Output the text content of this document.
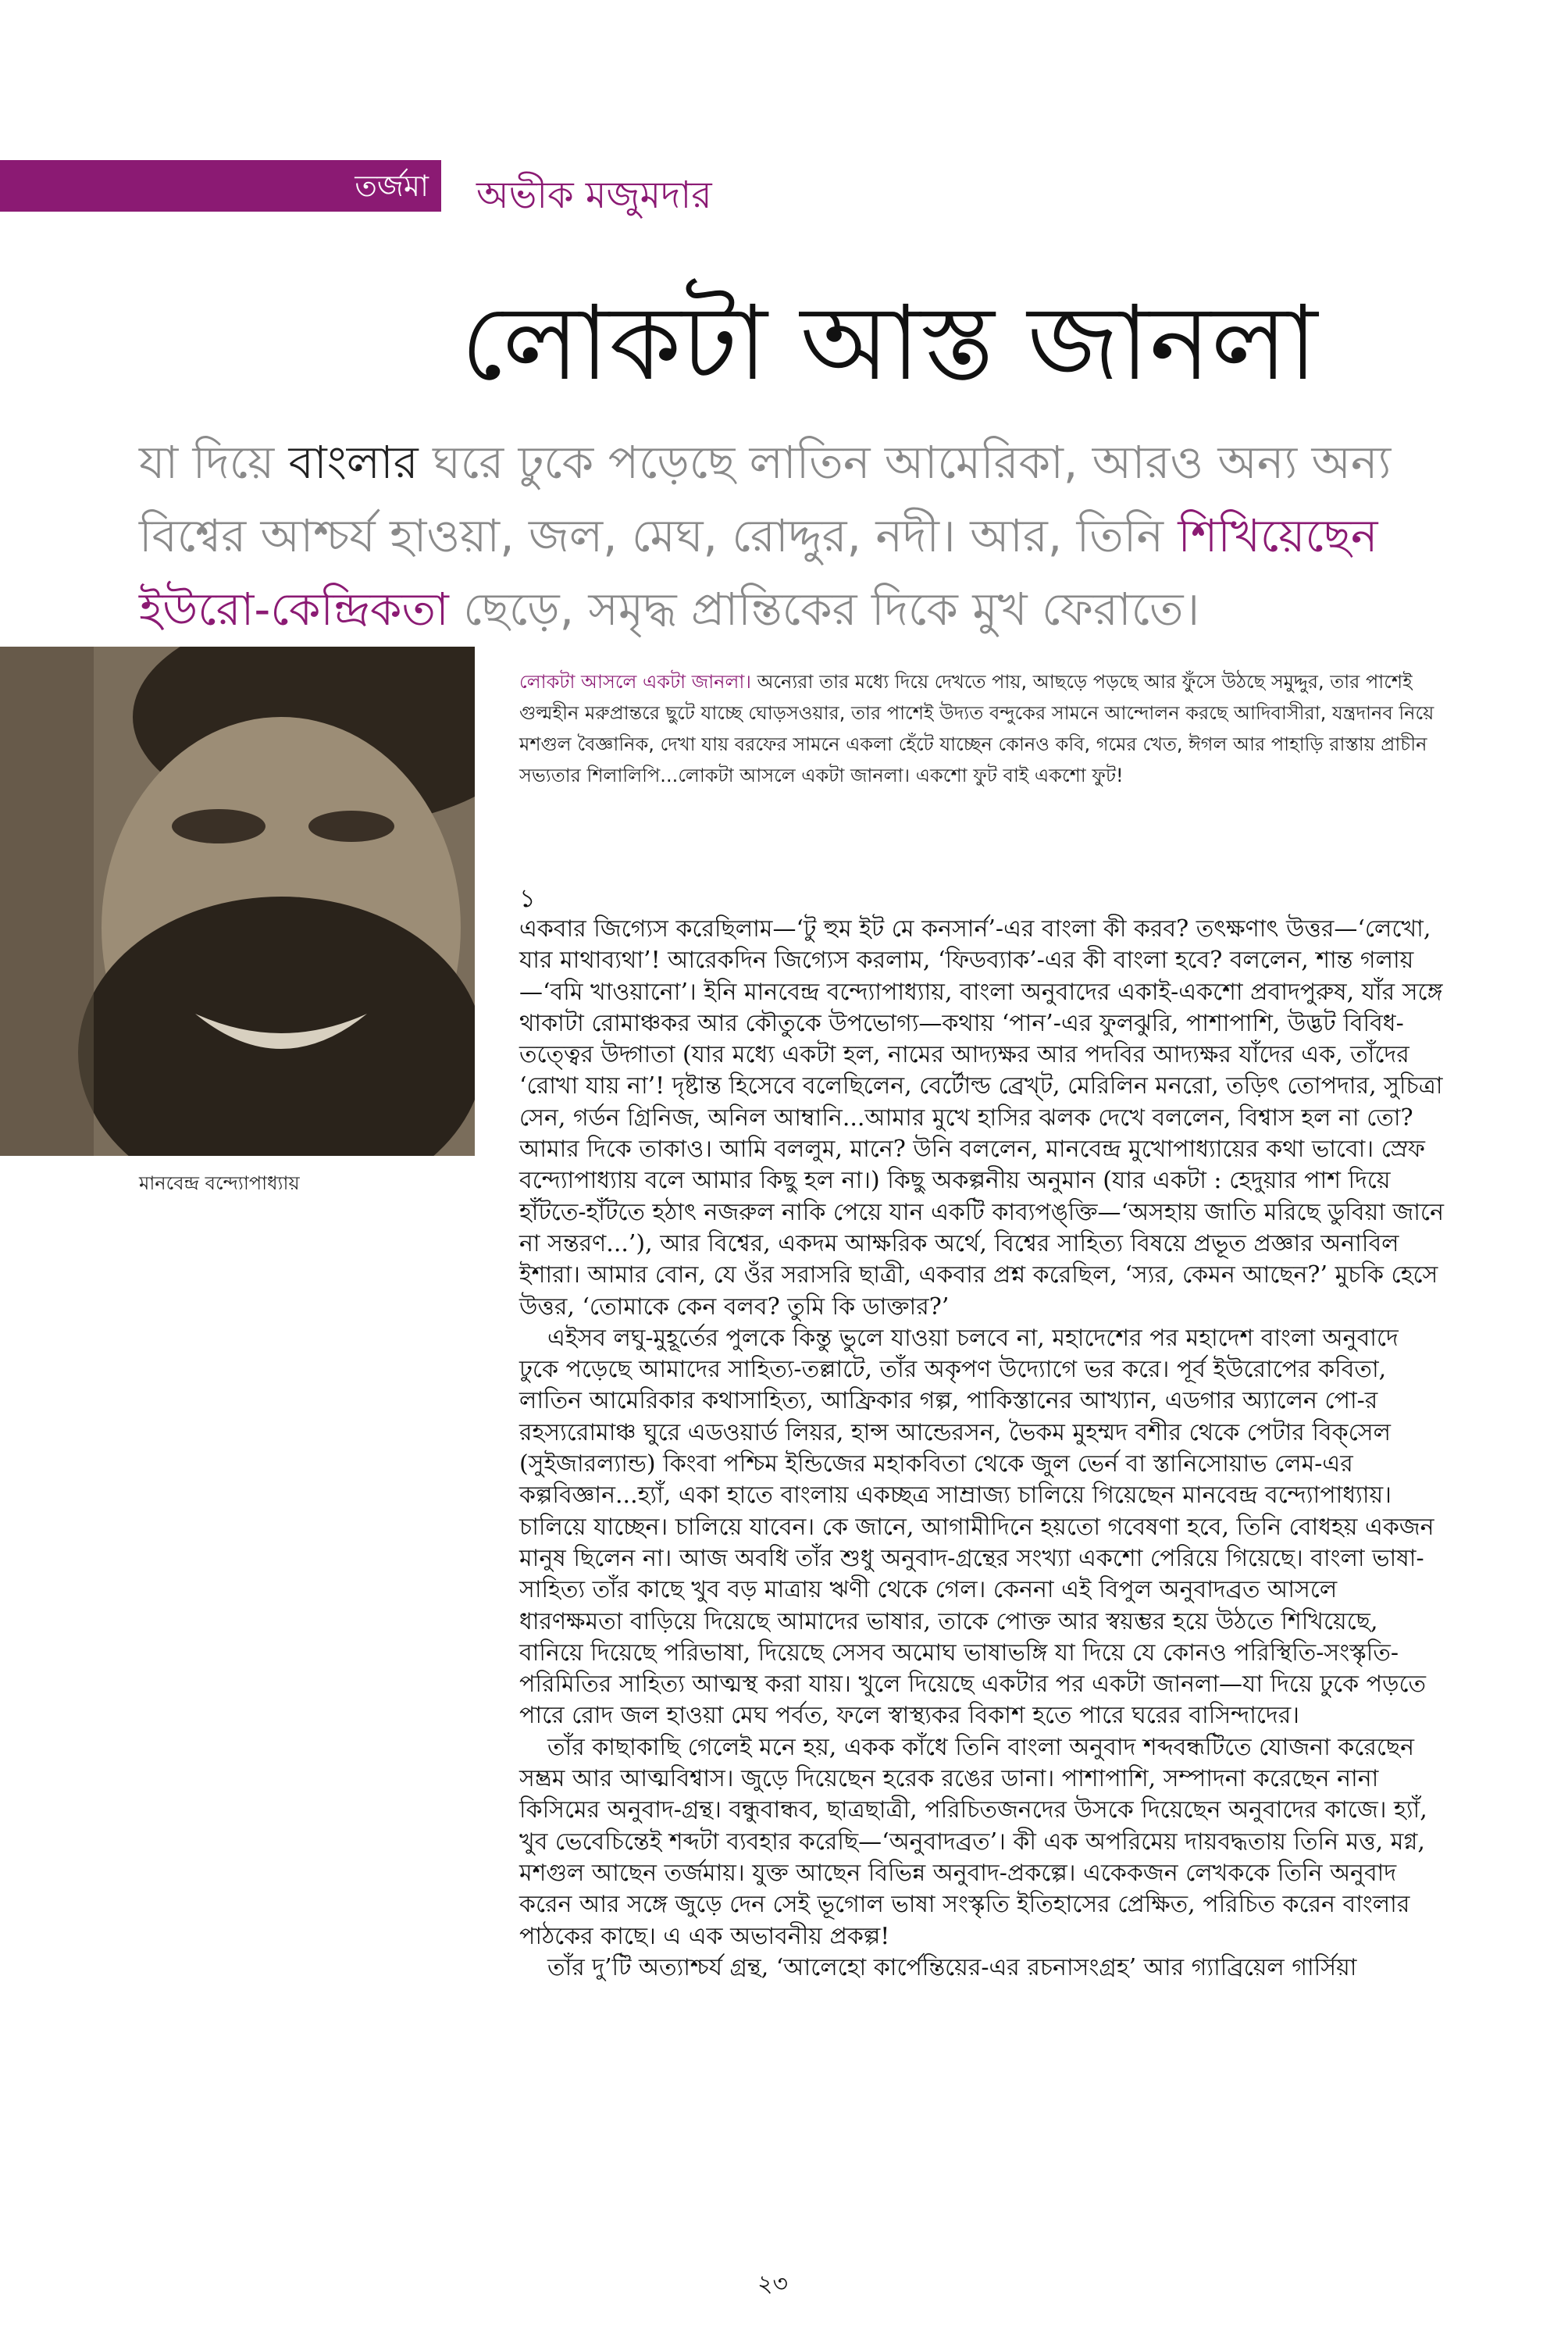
তর্জমা অভীক মজুমদার
লোকটা আস্ত জানলা
যা দিয়ে বাংলার ঘরে ঢুকে পড়েছে লাতিন আমেরিকা, আরও অন্য অন্য বিশ্বের আশ্চর্য হাওয়া, জল, মেঘ, রোদ্দুর, নদী। আর, তিনি শিখিয়েছেন ইউরো-কেন্দ্রিকতা ছেড়ে, সমৃদ্ধ প্রান্তিকের দিকে মুখ ফেরাতে।
মানবেন্দ্র বন্দ্যোপাধ্যায়
লোকটা আসলে একটা জানলা। অন্যেরা তার মধ্যে দিয়ে দেখতে পায়, আছড়ে পড়ছে আর ফুঁসে উঠছে সমুদ্দুর, তার পাশেই গুল্মহীন মরুপ্রান্তরে ছুটে যাচ্ছে ঘোড়সওয়ার, তার পাশেই উদ্যত বন্দুকের সামনে আন্দোলন করছে আদিবাসীরা, যন্ত্রদানব নিয়ে মশগুল বৈজ্ঞানিক, দেখা যায় বরফের সামনে একলা হেঁটে যাচ্ছেন কোনও কবি, গমের খেত, ঈগল আর পাহাড়ি রাস্তায় প্রাচীন সভ্যতার শিলালিপি...লোকটা আসলে একটা জানলা। একশো ফুট বাই একশো ফুট!
১

একবার জিগ্যেস করেছিলাম—‘টু হুম ইট মে কনসার্ন’-এর বাংলা কী করব? তৎক্ষণাৎ উত্তর—‘লেখো, যার মাথাব্যথা’! আরেকদিন জিগ্যেস করলাম, ‘ফিডব্যাক’-এর কী বাংলা হবে? বললেন, শান্ত গলায়—‘বমি খাওয়ানো’। ইনি মানবেন্দ্র বন্দ্যোপাধ্যায়, বাংলা অনুবাদের একাই-একশো প্রবাদপুরুষ, যাঁর সঙ্গে থাকাটা রোমাঞ্চকর আর কৌতুকে উপভোগ্য—কথায় ‘পান’-এর ফুলঝুরি, পাশাপাশি, উদ্ভট বিবিধ-তত্ত্বের উদ্গাতা (যার মধ্যে একটা হল, নামের আদ্যক্ষর আর পদবির আদ্যক্ষর যাঁদের এক, তাঁদের ‘রোখা যায় না’! দৃষ্টান্ত হিসেবে বলেছিলেন, বের্টোল্ড ব্রেখ্‌ট, মেরিলিন মনরো, তড়িৎ তোপদার, সুচিত্রা সেন, গর্ডন গ্রিনিজ, অনিল আম্বানি...আমার মুখে হাসির ঝলক দেখে বললেন, বিশ্বাস হল না তো? আমার দিকে তাকাও। আমি বললুম, মানে? উনি বললেন, মানবেন্দ্র মুখোপাধ্যায়ের কথা ভাবো। স্রেফ বন্দ্যোপাধ্যায় বলে আমার কিছু হল না।) কিছু অকল্পনীয় অনুমান (যার একটা : হেদুয়ার পাশ দিয়ে হাঁটতে-হাঁটতে হঠাৎ নজরুল নাকি পেয়ে যান একটি কাব্যপঙ্‌ক্তি—‘অসহায় জাতি মরিছে ডুবিয়া জানে না সন্তরণ...’), আর বিশ্বের, একদম আক্ষরিক অর্থে, বিশ্বের সাহিত্য বিষয়ে প্রভূত প্রজ্ঞার অনাবিল ইশারা। আমার বোন, যে ওঁর সরাসরি ছাত্রী, একবার প্রশ্ন করেছিল, ‘স্যর, কেমন আছেন?’ মুচকি হেসে উত্তর, ‘তোমাকে কেন বলব? তুমি কি ডাক্তার?’

এইসব লঘু-মুহূর্তের পুলকে কিন্তু ভুলে যাওয়া চলবে না, মহাদেশের পর মহাদেশ বাংলা অনুবাদে ঢুকে পড়েছে আমাদের সাহিত্য-তল্লাটে, তাঁর অকৃপণ উদ্যোগে ভর করে। পূর্ব ইউরোপের কবিতা, লাতিন আমেরিকার কথাসাহিত্য, আফ্রিকার গল্প, পাকিস্তানের আখ্যান, এডগার অ্যালেন পো-র রহস্যরোমাঞ্চ ঘুরে এডওয়ার্ড লিয়র, হান্স আন্ডেরসন, ভৈকম মুহম্মদ বশীর থেকে পেটার বিক্‌সেল (সুইজারল্যান্ড) কিংবা পশ্চিম ইন্ডিজের মহাকবিতা থেকে জুল ভের্ন বা স্তানিসোয়াভ লেম-এর কল্পবিজ্ঞান...হ্যাঁ, একা হাতে বাংলায় একচ্ছত্র সাম্রাজ্য চালিয়ে গিয়েছেন মানবেন্দ্র বন্দ্যোপাধ্যায়। চালিয়ে যাচ্ছেন। চালিয়ে যাবেন। কে জানে, আগামীদিনে হয়তো গবেষণা হবে, তিনি বোধহয় একজন মানুষ ছিলেন না। আজ অবধি তাঁর শুধু অনুবাদ-গ্রন্থের সংখ্যা একশো পেরিয়ে গিয়েছে। বাংলা ভাষা-সাহিত্য তাঁর কাছে খুব বড় মাত্রায় ঋণী থেকে গেল। কেননা এই বিপুল অনুবাদব্রত আসলে ধারণক্ষমতা বাড়িয়ে দিয়েছে আমাদের ভাষার, তাকে পোক্ত আর স্বয়ম্ভর হয়ে উঠতে শিখিয়েছে, বানিয়ে দিয়েছে পরিভাষা, দিয়েছে সেসব অমোঘ ভাষাভঙ্গি যা দিয়ে যে কোনও পরিস্থিতি-সংস্কৃতি-পরিমিতির সাহিত্য আত্মস্থ করা যায়। খুলে দিয়েছে একটার পর একটা জানলা—যা দিয়ে ঢুকে পড়তে পারে রোদ জল হাওয়া মেঘ পর্বত, ফলে স্বাস্থ্যকর বিকাশ হতে পারে ঘরের বাসিন্দাদের।

তাঁর কাছাকাছি গেলেই মনে হয়, একক কাঁধে তিনি বাংলা অনুবাদ শব্দবন্ধটিতে যোজনা করেছেন সম্ভ্রম আর আত্মবিশ্বাস। জুড়ে দিয়েছেন হরেক রঙের ডানা। পাশাপাশি, সম্পাদনা করেছেন নানা কিসিমের অনুবাদ-গ্রন্থ। বন্ধুবান্ধব, ছাত্রছাত্রী, পরিচিতজনদের উসকে দিয়েছেন অনুবাদের কাজে। হ্যাঁ, খুব ভেবেচিন্তেই শব্দটা ব্যবহার করেছি—‘অনুবাদব্রত’। কী এক অপরিমেয় দায়বদ্ধতায় তিনি মত্ত, মগ্ন, মশগুল আছেন তর্জমায়। যুক্ত আছেন বিভিন্ন অনুবাদ-প্রকল্পে। একেকজন লেখককে তিনি অনুবাদ করেন আর সঙ্গে জুড়ে দেন সেই ভূগোল ভাষা সংস্কৃতি ইতিহাসের প্রেক্ষিত, পরিচিত করেন বাংলার পাঠকের কাছে। এ এক অভাবনীয় প্রকল্প!

তাঁর দু’টি অত্যাশ্চর্য গ্রন্থ, ‘আলেহো কার্পেন্তিয়ের-এর রচনাসংগ্রহ’ আর গ্যাব্রিয়েল গার্সিয়া

২৩
